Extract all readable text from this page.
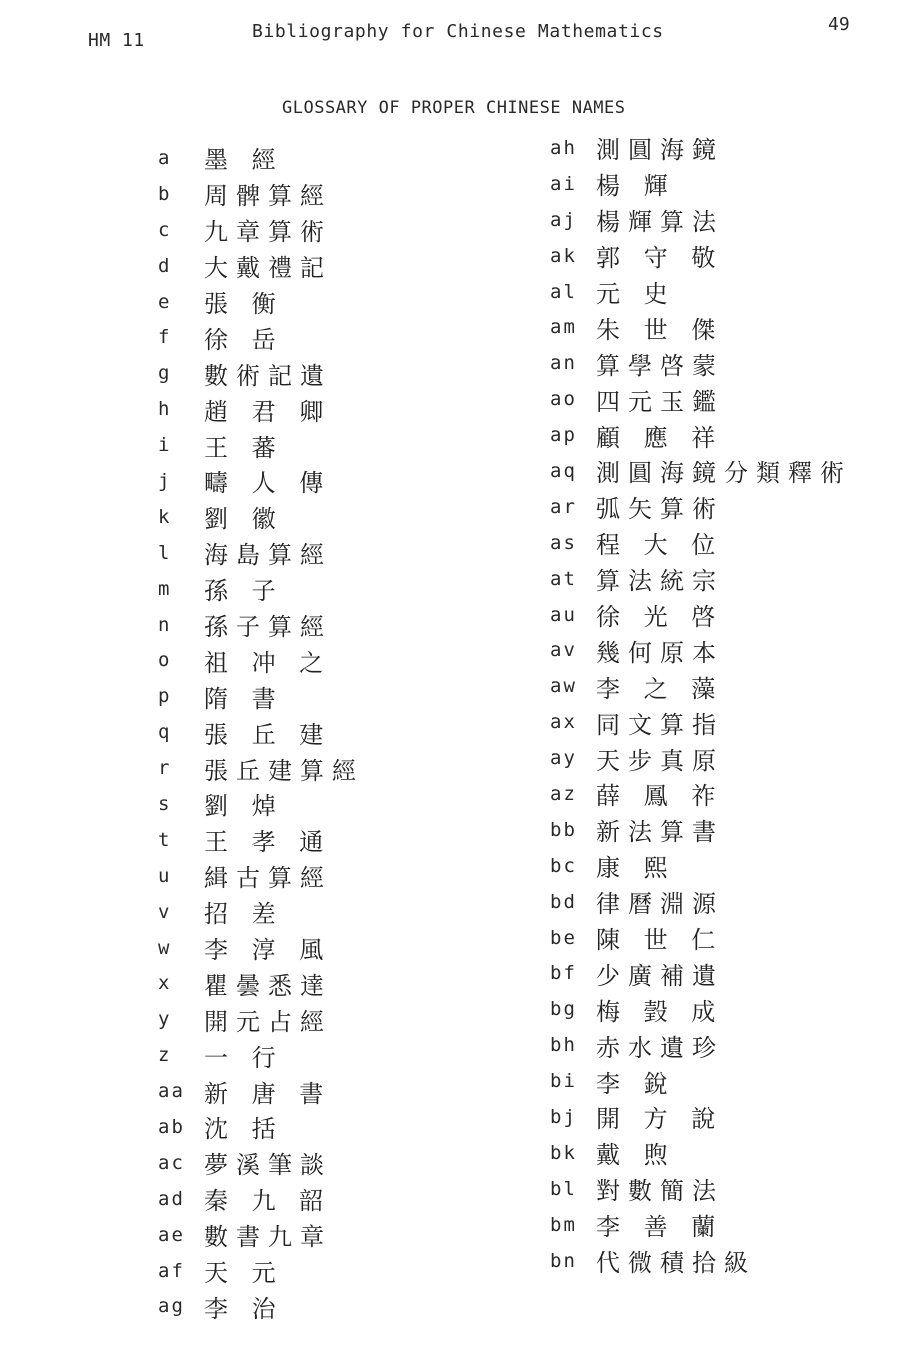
HM 11	Bibliography for Chinese Mathematics	49
GLOSSARY OF PROPER CHINESE NAMES
a	墨 經
b	周髀算經
c	九章算術
d	大戴禮記
e	張 衡
f	徐 岳
g	數術記遺
h	趙 君 卿
i	王 蕃
j	疇 人 傳
k	劉 徽
l	海島算經
m	孫 子
n	孫子算經
o	祖 冲 之
p	隋 書
q	張 丘 建
r	張丘建算經
s	劉 焯
t	王 孝 通
u	緝古算經
v	招 差
w	李 淳 風
x	瞿曇悉達
y	開元占經
z	一 行
aa 新 唐 書
ab 沈 括
ac 夢溪筆談
ad 秦 九 韶
ae 數書九章
af 天 元
ag 李 治
ah 測圓海鏡
ai 楊 輝
aj 楊輝算法
ak 郭 守 敬
al 元 史
am 朱 世 傑
an 算學啓蒙
ao 四元玉鑑
ap 顧 應 祥
aq 測圓海鏡分類釋術
ar 弧矢算術
as 程 大 位
at 算法統宗
au 徐 光 啓
av 幾何原本
aw 李 之 藻
ax 同文算指
ay 天步真原
az 薛 鳳 祚
bb 新法算書
bc 康 熙
bd 律曆淵源
be 陳 世 仁
bf 少廣補遺
bg 梅 瑴 成
bh 赤水遺珍
bi 李 銳
bj 開 方 說
bk 戴 煦
bl 對數簡法
bm 李 善 蘭
bn 代微積拾級
